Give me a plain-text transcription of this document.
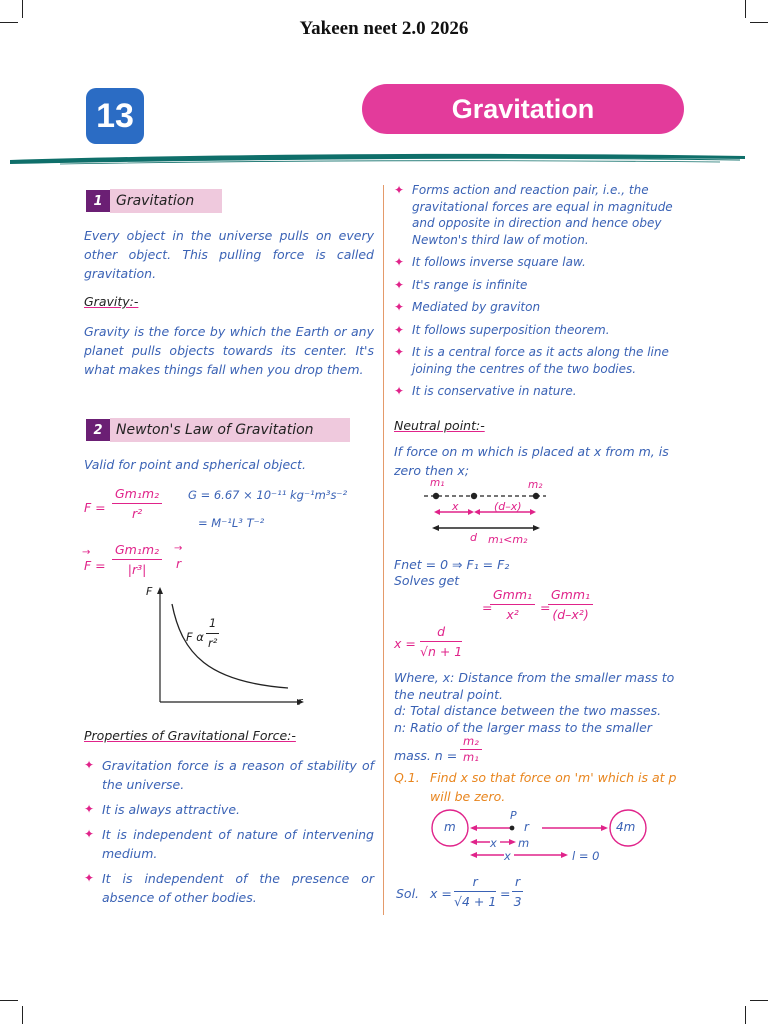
Yakeen neet 2.0 2026
13	Gravitation
1 Gravitation
Every object in the universe pulls on every other object. This pulling force is called gravitation.
Gravity:-
Gravity is the force by which the Earth or any planet pulls objects towards its center. It's what makes things fall when you drop them.
2 Newton's Law of Gravitation
Valid for point and spherical object.
$F = \frac{\text{Gm₁m₂}}{\text{r²}}$ G = 6.67 × 10⁻¹¹ kg⁻¹m³s⁻²
= M⁻¹L³ T⁻²
→
$F = \frac{\text{Gm₁m₂}}{\text{|r³|}}$ →
r
F
r
F α $\frac{1}{\text{r²}}$
Properties of Gravitational Force:-
✦ Gravitation force is a reason of stability of the universe.
✦ It is always attractive.
✦ It is independent of nature of intervening medium.
✦ It is independent of the presence or absence of other bodies.
✦ Forms action and reaction pair, i.e., the gravitational forces are equal in magnitude and opposite in direction and hence obey Newton's third law of motion.
✦ It follows inverse square law.
✦ It's range is infinite
✦ Mediated by graviton
✦ It follows superposition theorem.
✦ It is a central force as it acts along the line joining the centres of the two bodies.
✦ It is conservative in nature.
Neutral point:-
If force on m which is placed at x from m, is zero then x;
m₁	m₂
x	(d–x)
d m₁<m₂
Fnet = 0 ⇒ F₁ = F₂
Solves get
=
Gmm₁
x²	=
Gmm₁
(d–x²)
$x = \frac{d}{√n + 1}$
Where, x: Distance from the smaller mass to the neutral point.
d: Total distance between the two masses.
n: Ratio of the larger mass to the smaller
mass. $n = \frac{\text{m₂}}{\text{m₁}}$
Q.1. Find x so that force on 'm' which is at p will be zero.
m	4m
P
r
x m
x	l = 0
Sol. $x = \frac{r}{√4 + 1} = \frac{r}{3}$
